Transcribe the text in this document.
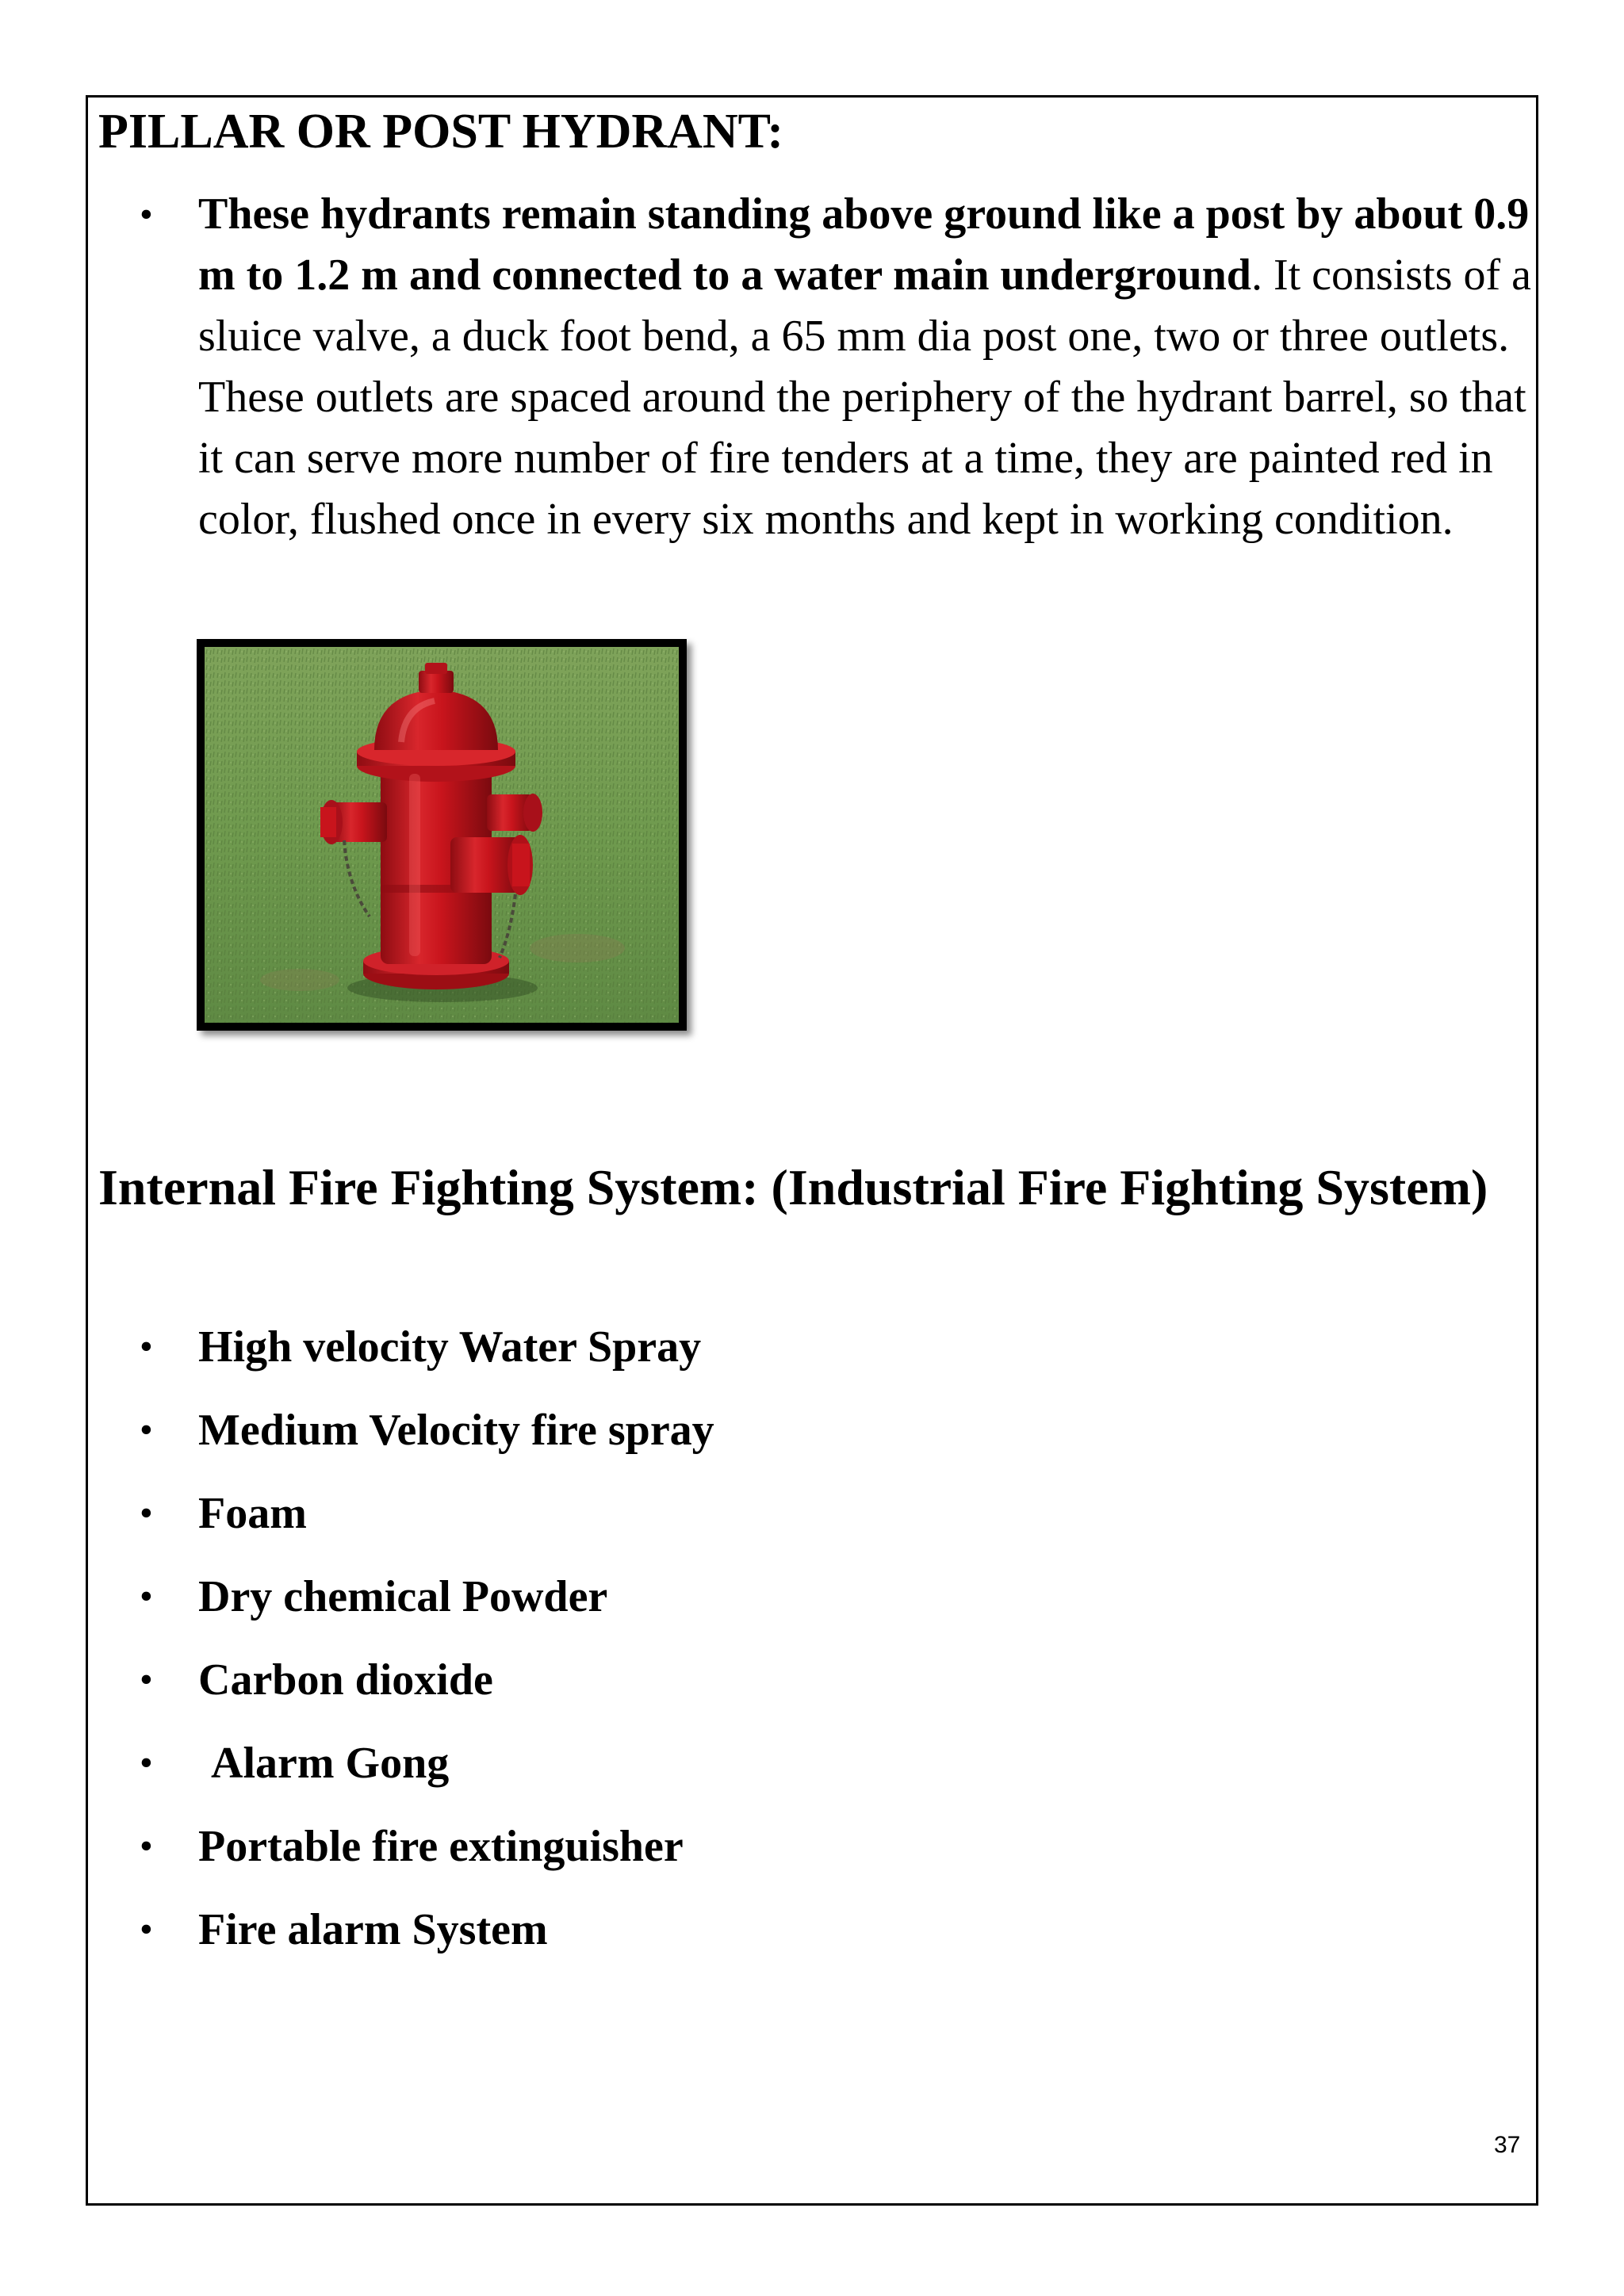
PILLAR OR POST HYDRANT:
• These hydrants remain standing above ground like a post by about 0.9 m to 1.2 m and connected to a water main underground. It consists of a sluice valve, a duck foot bend, a 65 mm dia post one, two or three outlets. These outlets are spaced around the periphery of the hydrant barrel, so that it can serve more number of fire tenders at a time, they are painted red in color, flushed once in every six months and kept in working condition.
Internal Fire Fighting System: (Industrial Fire Fighting System)
• High velocity Water Spray
• Medium Velocity fire spray
• Foam
• Dry chemical Powder
• Carbon dioxide
• Alarm Gong
• Portable fire extinguisher
• Fire alarm System
37
